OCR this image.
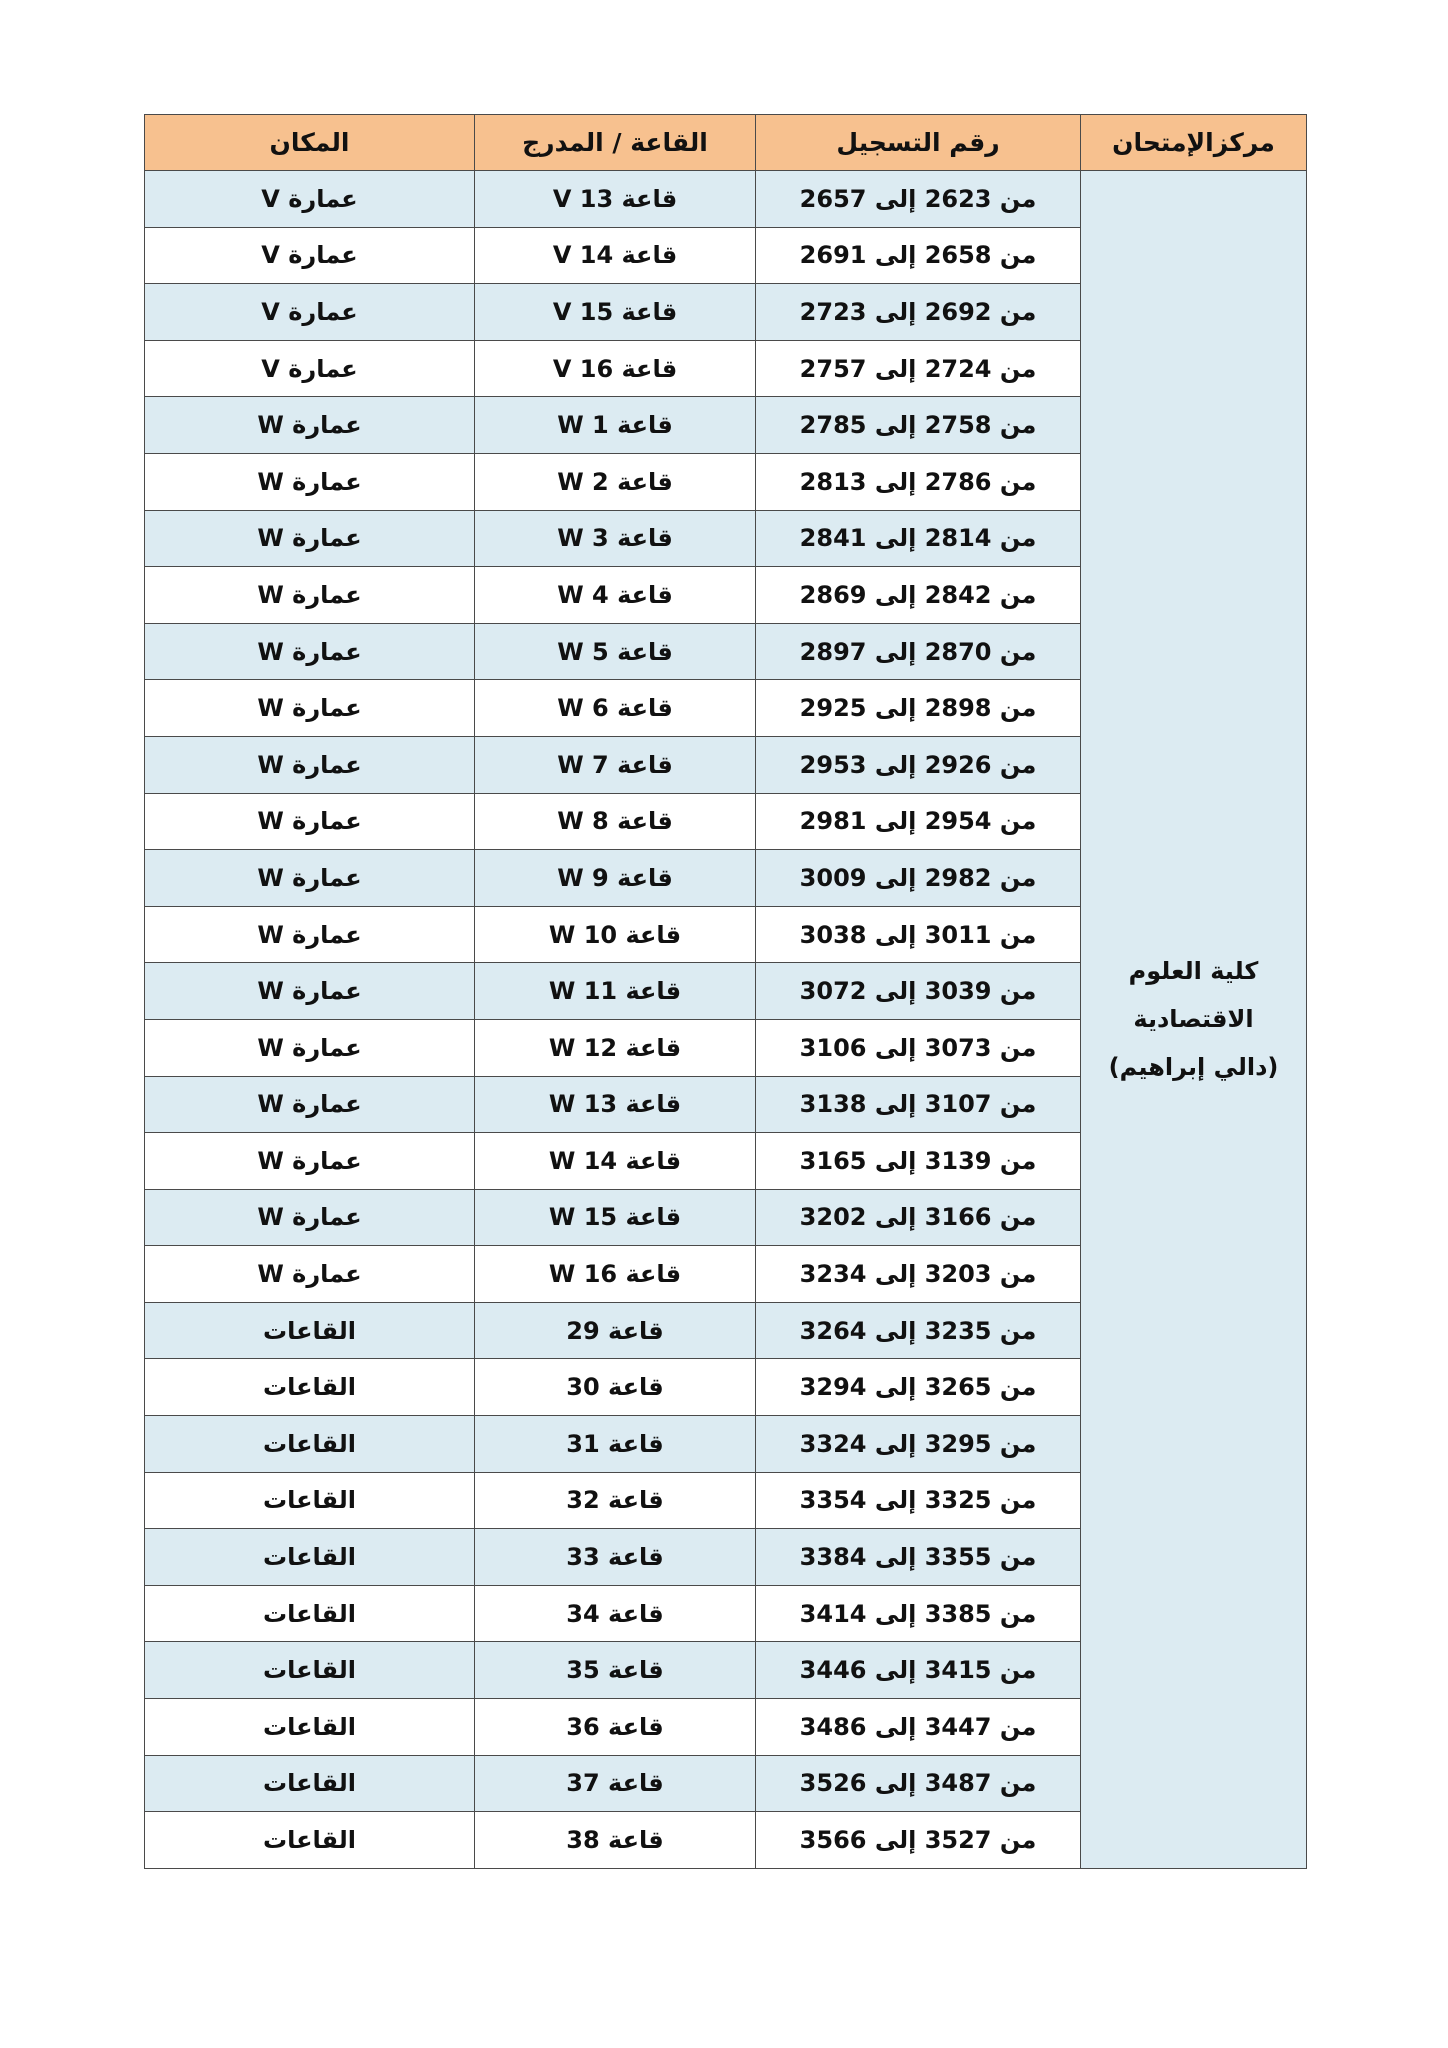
المكان	القاعة / المدرج	رقم التسجيل	مركزالإمتحان
عمارة V	قاعة V 13	من 2623 إلى 2657	كلية العلوم
الاقتصادية
(دالي إبراهيم)

عمارة V	قاعة V 14	من 2658 إلى 2691	
عمارة V	قاعة V 15	من 2692 إلى 2723	
عمارة V	قاعة V 16	من 2724 إلى 2757	
عمارة W	قاعة W 1	من 2758 إلى 2785	
عمارة W	قاعة W 2	من 2786 إلى 2813	
عمارة W	قاعة W 3	من 2814 إلى 2841	
عمارة W	قاعة W 4	من 2842 إلى 2869	
عمارة W	قاعة W 5	من 2870 إلى 2897	
عمارة W	قاعة W 6	من 2898 إلى 2925	
عمارة W	قاعة W 7	من 2926 إلى 2953	
عمارة W	قاعة W 8	من 2954 إلى 2981	
عمارة W	قاعة W 9	من 2982 إلى 3009	
عمارة W	قاعة W 10	من 3011 إلى 3038	
عمارة W	قاعة W 11	من 3039 إلى 3072	
عمارة W	قاعة W 12	من 3073 إلى 3106	
عمارة W	قاعة W 13	من 3107 إلى 3138	
عمارة W	قاعة W 14	من 3139 إلى 3165	
عمارة W	قاعة W 15	من 3166 إلى 3202	
عمارة W	قاعة W 16	من 3203 إلى 3234	
القاعات	قاعة 29	من 3235 إلى 3264	
القاعات	قاعة 30	من 3265 إلى 3294	
القاعات	قاعة 31	من 3295 إلى 3324	
القاعات	قاعة 32	من 3325 إلى 3354	
القاعات	قاعة 33	من 3355 إلى 3384	
القاعات	قاعة 34	من 3385 إلى 3414	
القاعات	قاعة 35	من 3415 إلى 3446	
القاعات	قاعة 36	من 3447 إلى 3486	
القاعات	قاعة 37	من 3487 إلى 3526	
القاعات	قاعة 38	من 3527 إلى 3566	
